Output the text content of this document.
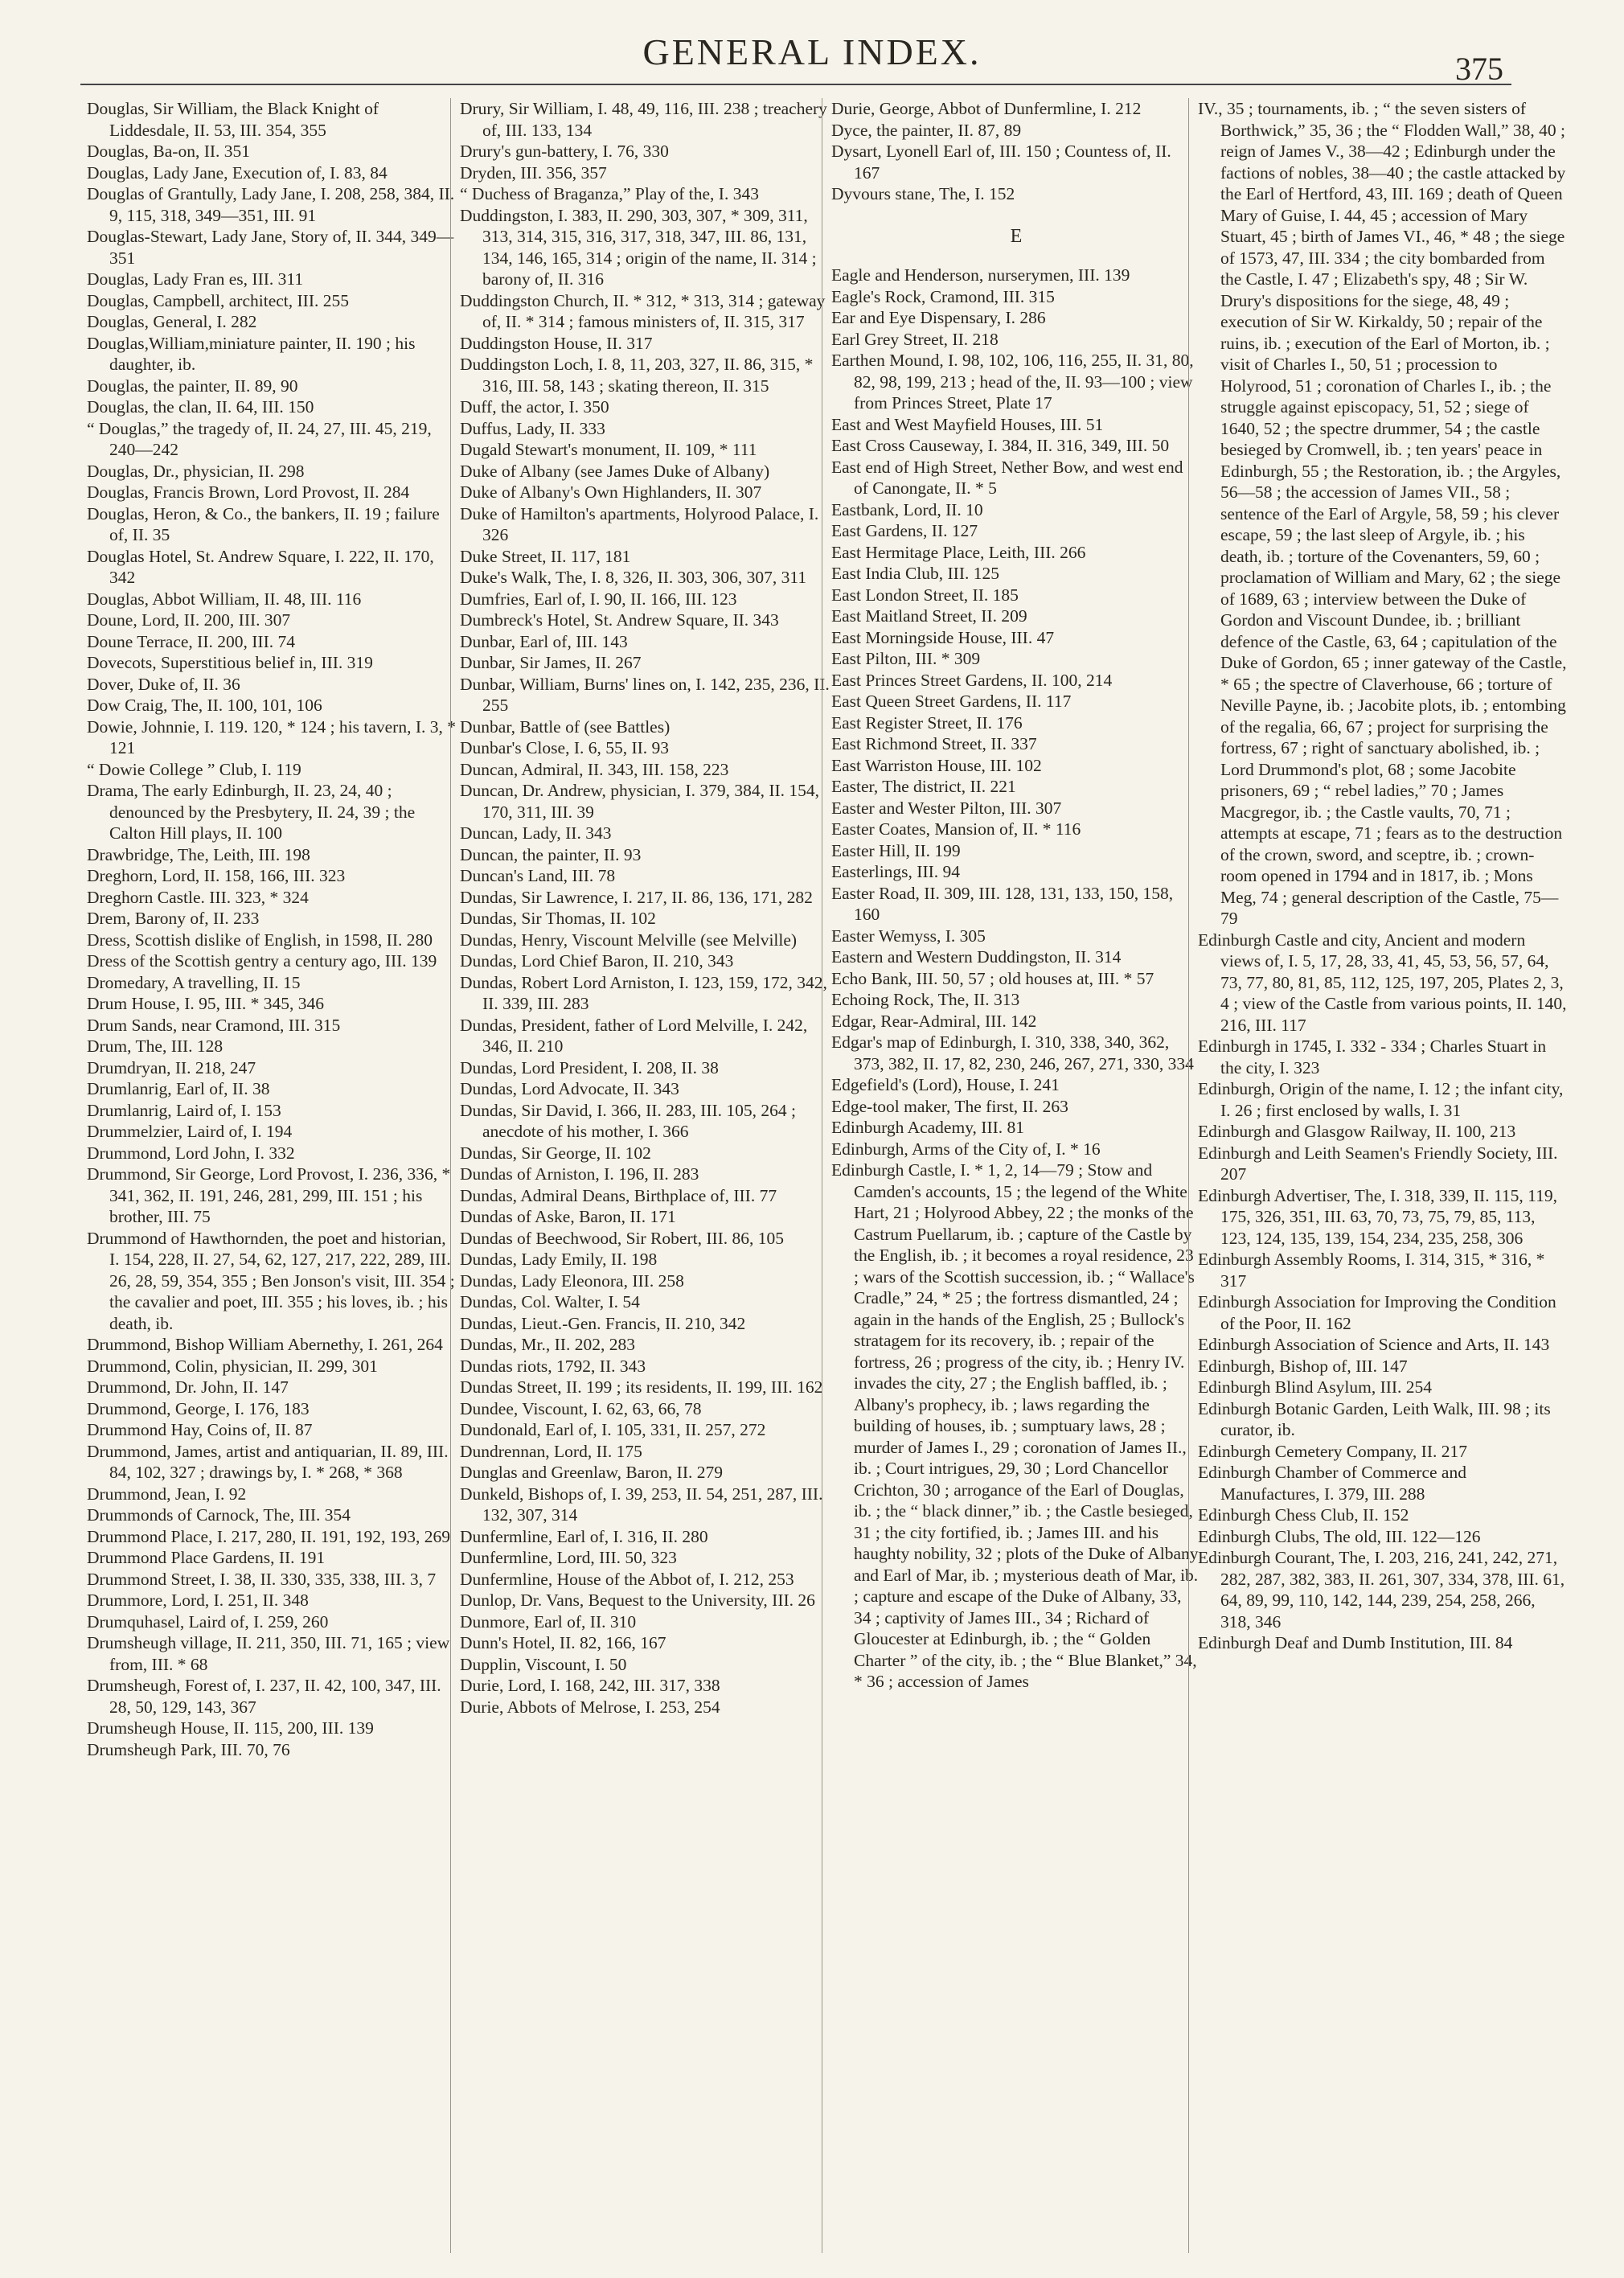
GENERAL INDEX.	375

Douglas, Sir William, the Black Knight of Liddesdale, II. 53, III. 354, 355

Douglas, Ba-on, II. 351

Douglas, Lady Jane, Execution of, I. 83, 84

Douglas of Grantully, Lady Jane, I. 208, 258, 384, II. 9, 115, 318, 349—351, III. 91

Douglas-Stewart, Lady Jane, Story of, II. 344, 349—351

Douglas, Lady Fran es, III. 311

Douglas, Campbell, architect, III. 255

Douglas, General, I. 282

Douglas,William,miniature painter, II. 190 ; his daughter, ib.

Douglas, the painter, II. 89, 90

Douglas, the clan, II. 64, III. 150

“ Douglas,” the tragedy of, II. 24, 27, III. 45, 219, 240—242

Douglas, Dr., physician, II. 298

Douglas, Francis Brown, Lord Provost, II. 284

Douglas, Heron, & Co., the bankers, II. 19 ; failure of, II. 35

Douglas Hotel, St. Andrew Square, I. 222, II. 170, 342

Douglas, Abbot William, II. 48, III. 116

Doune, Lord, II. 200, III. 307

Doune Terrace, II. 200, III. 74

Dovecots, Superstitious belief in, III. 319

Dover, Duke of, II. 36

Dow Craig, The, II. 100, 101, 106

Dowie, Johnnie, I. 119. 120, * 124 ; his tavern, I. 3, * 121

“ Dowie College ” Club, I. 119

Drama, The early Edinburgh, II. 23, 24, 40 ; denounced by the Presbytery, II. 24, 39 ; the Calton Hill plays, II. 100

Drawbridge, The, Leith, III. 198

Dreghorn, Lord, II. 158, 166, III. 323

Dreghorn Castle. III. 323, * 324

Drem, Barony of, II. 233

Dress, Scottish dislike of English, in 1598, II. 280

Dress of the Scottish gentry a century ago, III. 139

Dromedary, A travelling, II. 15

Drum House, I. 95, III. * 345, 346

Drum Sands, near Cramond, III. 315

Drum, The, III. 128

Drumdryan, II. 218, 247

Drumlanrig, Earl of, II. 38

Drumlanrig, Laird of, I. 153

Drummelzier, Laird of, I. 194

Drummond, Lord John, I. 332

Drummond, Sir George, Lord Provost, I. 236, 336, * 341, 362, II. 191, 246, 281, 299, III. 151 ; his brother, III. 75

Drummond of Hawthornden, the poet and historian, I. 154, 228, II. 27, 54, 62, 127, 217, 222, 289, III. 26, 28, 59, 354, 355 ; Ben Jonson's visit, III. 354 ; the cavalier and poet, III. 355 ; his loves, ib. ; his death, ib.

Drummond, Bishop William Abernethy, I. 261, 264

Drummond, Colin, physician, II. 299, 301

Drummond, Dr. John, II. 147

Drummond, George, I. 176, 183

Drummond Hay, Coins of, II. 87

Drummond, James, artist and antiquarian, II. 89, III. 84, 102, 327 ; drawings by, I. * 268, * 368

Drummond, Jean, I. 92

Drummonds of Carnock, The, III. 354

Drummond Place, I. 217, 280, II. 191, 192, 193, 269

Drummond Place Gardens, II. 191

Drummond Street, I. 38, II. 330, 335, 338, III. 3, 7

Drummore, Lord, I. 251, II. 348

Drumquhasel, Laird of, I. 259, 260

Drumsheugh village, II. 211, 350, III. 71, 165 ; view from, III. * 68

Drumsheugh, Forest of, I. 237, II. 42, 100, 347, III. 28, 50, 129, 143, 367

Drumsheugh House, II. 115, 200, III. 139

Drumsheugh Park, III. 70, 76

Drury, Sir William, I. 48, 49, 116, III. 238 ; treachery of, III. 133, 134

Drury's gun-battery, I. 76, 330

Dryden, III. 356, 357

“ Duchess of Braganza,” Play of the, I. 343

Duddingston, I. 383, II. 290, 303, 307, * 309, 311, 313, 314, 315, 316, 317, 318, 347, III. 86, 131, 134, 146, 165, 314 ; origin of the name, II. 314 ; barony of, II. 316

Duddingston Church, II. * 312, * 313, 314 ; gateway of, II. * 314 ; famous ministers of, II. 315, 317

Duddingston House, II. 317

Duddingston Loch, I. 8, 11, 203, 327, II. 86, 315, * 316, III. 58, 143 ; skating thereon, II. 315

Duff, the actor, I. 350

Duffus, Lady, II. 333

Dugald Stewart's monument, II. 109, * 111

Duke of Albany (see James Duke of Albany)

Duke of Albany's Own Highlanders, II. 307

Duke of Hamilton's apartments, Holyrood Palace, I. 326

Duke Street, II. 117, 181

Duke's Walk, The, I. 8, 326, II. 303, 306, 307, 311

Dumfries, Earl of, I. 90, II. 166, III. 123

Dumbreck's Hotel, St. Andrew Square, II. 343

Dunbar, Earl of, III. 143

Dunbar, Sir James, II. 267

Dunbar, William, Burns' lines on, I. 142, 235, 236, II. 255

Dunbar, Battle of (see Battles)

Dunbar's Close, I. 6, 55, II. 93

Duncan, Admiral, II. 343, III. 158, 223

Duncan, Dr. Andrew, physician, I. 379, 384, II. 154, 170, 311, III. 39

Duncan, Lady, II. 343

Duncan, the painter, II. 93

Duncan's Land, III. 78

Dundas, Sir Lawrence, I. 217, II. 86, 136, 171, 282

Dundas, Sir Thomas, II. 102

Dundas, Henry, Viscount Melville (see Melville)

Dundas, Lord Chief Baron, II. 210, 343

Dundas, Robert Lord Arniston, I. 123, 159, 172, 342, II. 339, III. 283

Dundas, President, father of Lord Melville, I. 242, 346, II. 210

Dundas, Lord President, I. 208, II. 38

Dundas, Lord Advocate, II. 343

Dundas, Sir David, I. 366, II. 283, III. 105, 264 ; anecdote of his mother, I. 366

Dundas, Sir George, II. 102

Dundas of Arniston, I. 196, II. 283

Dundas, Admiral Deans, Birthplace of, III. 77

Dundas of Aske, Baron, II. 171

Dundas of Beechwood, Sir Robert, III. 86, 105

Dundas, Lady Emily, II. 198

Dundas, Lady Eleonora, III. 258

Dundas, Col. Walter, I. 54

Dundas, Lieut.-Gen. Francis, II. 210, 342

Dundas, Mr., II. 202, 283

Dundas riots, 1792, II. 343

Dundas Street, II. 199 ; its residents, II. 199, III. 162

Dundee, Viscount, I. 62, 63, 66, 78

Dundonald, Earl of, I. 105, 331, II. 257, 272

Dundrennan, Lord, II. 175

Dunglas and Greenlaw, Baron, II. 279

Dunkeld, Bishops of, I. 39, 253, II. 54, 251, 287, III. 132, 307, 314

Dunfermline, Earl of, I. 316, II. 280

Dunfermline, Lord, III. 50, 323

Dunfermline, House of the Abbot of, I. 212, 253

Dunlop, Dr. Vans, Bequest to the University, III. 26

Dunmore, Earl of, II. 310

Dunn's Hotel, II. 82, 166, 167

Dupplin, Viscount, I. 50

Durie, Lord, I. 168, 242, III. 317, 338

Durie, Abbots of Melrose, I. 253, 254

Durie, George, Abbot of Dunfermline, I. 212

Dyce, the painter, II. 87, 89

Dysart, Lyonell Earl of, III. 150 ; Countess of, II. 167

Dyvours stane, The, I. 152

E

Eagle and Henderson, nurserymen, III. 139

Eagle's Rock, Cramond, III. 315

Ear and Eye Dispensary, I. 286

Earl Grey Street, II. 218

Earthen Mound, I. 98, 102, 106, 116, 255, II. 31, 80, 82, 98, 199, 213 ; head of the, II. 93—100 ; view from Princes Street, Plate 17

East and West Mayfield Houses, III. 51

East Cross Causeway, I. 384, II. 316, 349, III. 50

East end of High Street, Nether Bow, and west end of Canongate, II. * 5

Eastbank, Lord, II. 10

East Gardens, II. 127

East Hermitage Place, Leith, III. 266

East India Club, III. 125

East London Street, II. 185

East Maitland Street, II. 209

East Morningside House, III. 47

East Pilton, III. * 309

East Princes Street Gardens, II. 100, 214

East Queen Street Gardens, II. 117

East Register Street, II. 176

East Richmond Street, II. 337

East Warriston House, III. 102

Easter, The district, II. 221

Easter and Wester Pilton, III. 307

Easter Coates, Mansion of, II. * 116

Easter Hill, II. 199

Easterlings, III. 94

Easter Road, II. 309, III. 128, 131, 133, 150, 158, 160

Easter Wemyss, I. 305

Eastern and Western Duddingston, II. 314

Echo Bank, III. 50, 57 ; old houses at, III. * 57

Echoing Rock, The, II. 313

Edgar, Rear-Admiral, III. 142

Edgar's map of Edinburgh, I. 310, 338, 340, 362, 373, 382, II. 17, 82, 230, 246, 267, 271, 330, 334

Edgefield's (Lord), House, I. 241

Edge-tool maker, The first, II. 263

Edinburgh Academy, III. 81

Edinburgh, Arms of the City of, I. * 16

Edinburgh Castle, I. * 1, 2, 14—79 ; Stow and Camden's accounts, 15 ; the legend of the White Hart, 21 ; Holyrood Abbey, 22 ; the monks of the Castrum Puellarum, ib. ; capture of the Castle by the English, ib. ; it becomes a royal residence, 23 ; wars of the Scottish succession, ib. ; “ Wallace's Cradle,” 24, * 25 ; the fortress dismantled, 24 ; again in the hands of the English, 25 ; Bullock's stratagem for its recovery, ib. ; repair of the fortress, 26 ; progress of the city, ib. ; Henry IV. invades the city, 27 ; the English baffled, ib. ; Albany's prophecy, ib. ; laws regarding the building of houses, ib. ; sumptuary laws, 28 ; murder of James I., 29 ; coronation of James II., ib. ; Court intrigues, 29, 30 ; Lord Chancellor Crichton, 30 ; arrogance of the Earl of Douglas, ib. ; the “ black dinner,” ib. ; the Castle besieged, 31 ; the city fortified, ib. ; James III. and his haughty nobility, 32 ; plots of the Duke of Albany and Earl of Mar, ib. ; mysterious death of Mar, ib. ; capture and escape of the Duke of Albany, 33, 34 ; captivity of James III., 34 ; Richard of Gloucester at Edinburgh, ib. ; the “ Golden Charter ” of the city, ib. ; the “ Blue Blanket,” 34, * 36 ; accession of James

IV., 35 ; tournaments, ib. ; “ the seven sisters of Borthwick,” 35, 36 ; the “ Flodden Wall,” 38, 40 ; reign of James V., 38—42 ; Edinburgh under the factions of nobles, 38—40 ; the castle attacked by the Earl of Hertford, 43, III. 169 ; death of Queen Mary of Guise, I. 44, 45 ; accession of Mary Stuart, 45 ; birth of James VI., 46, * 48 ; the siege of 1573, 47, III. 334 ; the city bombarded from the Castle, I. 47 ; Elizabeth's spy, 48 ; Sir W. Drury's dispositions for the siege, 48, 49 ; execution of Sir W. Kirkaldy, 50 ; repair of the ruins, ib. ; execution of the Earl of Morton, ib. ; visit of Charles I., 50, 51 ; procession to Holyrood, 51 ; coronation of Charles I., ib. ; the struggle against episcopacy, 51, 52 ; siege of 1640, 52 ; the spectre drummer, 54 ; the castle besieged by Cromwell, ib. ; ten years' peace in Edinburgh, 55 ; the Restoration, ib. ; the Argyles, 56—58 ; the accession of James VII., 58 ; sentence of the Earl of Argyle, 58, 59 ; his clever escape, 59 ; the last sleep of Argyle, ib. ; his death, ib. ; torture of the Covenanters, 59, 60 ; proclamation of William and Mary, 62 ; the siege of 1689, 63 ; interview between the Duke of Gordon and Viscount Dundee, ib. ; brilliant defence of the Castle, 63, 64 ; capitulation of the Duke of Gordon, 65 ; inner gateway of the Castle, * 65 ; the spectre of Claverhouse, 66 ; torture of Neville Payne, ib. ; Jacobite plots, ib. ; entombing of the regalia, 66, 67 ; project for surprising the fortress, 67 ; right of sanctuary abolished, ib. ; Lord Drummond's plot, 68 ; some Jacobite prisoners, 69 ; “ rebel ladies,” 70 ; James Macgregor, ib. ; the Castle vaults, 70, 71 ; attempts at escape, 71 ; fears as to the destruction of the crown, sword, and sceptre, ib. ; crown-room opened in 1794 and in 1817, ib. ; Mons Meg, 74 ; general description of the Castle, 75—79

Edinburgh Castle and city, Ancient and modern views of, I. 5, 17, 28, 33, 41, 45, 53, 56, 57, 64, 73, 77, 80, 81, 85, 112, 125, 197, 205, Plates 2, 3, 4 ; view of the Castle from various points, II. 140, 216, III. 117

Edinburgh in 1745, I. 332 - 334 ; Charles Stuart in the city, I. 323

Edinburgh, Origin of the name, I. 12 ; the infant city, I. 26 ; first enclosed by walls, I. 31

Edinburgh and Glasgow Railway, II. 100, 213

Edinburgh and Leith Seamen's Friendly Society, III. 207

Edinburgh Advertiser, The, I. 318, 339, II. 115, 119, 175, 326, 351, III. 63, 70, 73, 75, 79, 85, 113, 123, 124, 135, 139, 154, 234, 235, 258, 306

Edinburgh Assembly Rooms, I. 314, 315, * 316, * 317

Edinburgh Association for Improving the Condition of the Poor, II. 162

Edinburgh Association of Science and Arts, II. 143

Edinburgh, Bishop of, III. 147

Edinburgh Blind Asylum, III. 254

Edinburgh Botanic Garden, Leith Walk, III. 98 ; its curator, ib.

Edinburgh Cemetery Company, II. 217

Edinburgh Chamber of Commerce and Manufactures, I. 379, III. 288

Edinburgh Chess Club, II. 152

Edinburgh Clubs, The old, III. 122—126

Edinburgh Courant, The, I. 203, 216, 241, 242, 271, 282, 287, 382, 383, II. 261, 307, 334, 378, III. 61, 64, 89, 99, 110, 142, 144, 239, 254, 258, 266, 318, 346

Edinburgh Deaf and Dumb Institution, III. 84
